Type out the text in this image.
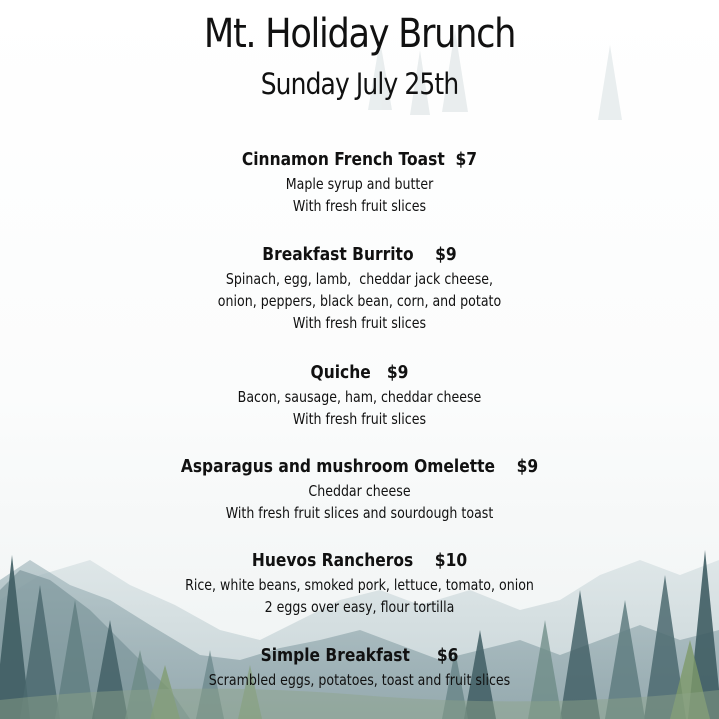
Mt. Holiday Brunch
Sunday July 25th
Cinnamon French Toast $7
Maple syrup and butter
With fresh fruit slices
Breakfast Burrito $9
Spinach, egg, lamb,  cheddar jack cheese,
onion, peppers, black bean, corn, and potato
With fresh fruit slices
Quiche $9
Bacon, sausage, ham, cheddar cheese
With fresh fruit slices
Asparagus and mushroom Omelette $9
Cheddar cheese
With fresh fruit slices and sourdough toast
Huevos Rancheros $10
Rice, white beans, smoked pork, lettuce, tomato, onion
2 eggs over easy, flour tortilla
Simple Breakfast $6
Scrambled eggs, potatoes, toast and fruit slices
